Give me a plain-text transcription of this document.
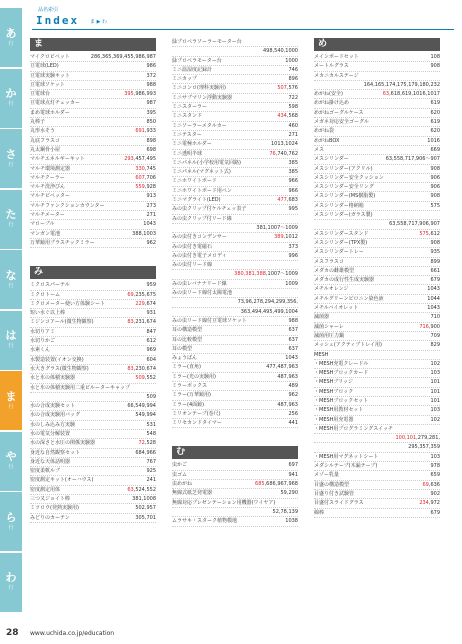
あ
行
か
行
さ
行
た
行
な
行
は
行
ま
行
や
行
ら
行
わ
行
品名索引
Index ま ▶ わ
ま
マイクロピペット	286,365,369,455,986,987
豆電球(LED)	986
豆電球実験キット	372
豆電球ソケット	988
豆電球台	395,986,993
豆電球点灯チェッカー	987
まめ電球ホルダー	395
丸棒子	850
丸形水そう	691,933
丸底フラスコ	898
丸太鋼骨小屋	698
マルチエネルギーキット	293,457,495
マルチ環境測定器	330,745
マルチクーラー	607,706
マルチ洗浄びん	559,928
マルチビペッター	913
マルチファンクションカウンター	273
マルチメーター	271
マローブル	1043
マンガン電池	388,1003
万華鏡用プラスチックミラー	962
み
ミクロスパーテル	959
ミクロトーム	69,235,675
ミクロメーター使い方体験シート	229,674
短い水ぐ以上棒	931
ミジンコアール(微生物観察)	83,231,674
水切りアミ	847
水切りかご	612
水素くん	969
水製造装置(イオン交換)	604
水大きグラス(微生物観察)	83,230,674
水と氷の体積実験器	509,552
水と氷の体積実験用二重ピルーターキャップ
509
水の合成実験セット	66,549,994
水の合成実験用バッグ	549,994
水のしみ込み方実験	531
水の電気分解装置	548
水の深さと水圧の関係実験器	72,528
身近な自然観察セット	684,966
身近な天体話明器	767
密度柔軟ルブ	925
密度測定キット(オーハウス)	241
密度測定用体	63,524,552
三つ又ジョイト棒	381,1008
ミツロウ(発熱実験用)	502,957
みどりのカーテン	305,701
緑プロペラソーラーモーター台
498,540,1000
緑プロペラモーター台	1000
ミニ温湿度記録計	746
ミニカップ	896
ミニコンロ(理科実験用)	507,576
ミニサブマリン浮動実験器	722
ミニスターラー	598
ミニスタンド	434,568
ミニソーラーメタルカー	460
ミニテスター	271
ミニ電極ホルダー	1013,1024
ミニ透明半球	76,740,762
ミニパネル(小学校用電気回路)	385
ミニパネル(マグネット式)	385
ミニホワイトボード	966
ミニホワイトボード用ペン	966
ミニマグライト(LED)	477,683
みの虫クリップ付ケルチェッ表子	995
みの虫クリップ付リード線
381,1007〜1009
みの虫付きコンデンサー	389,1012
みの虫付き電磁石	373
みの虫付き電子メロディ	996
みの虫付リード線
380,381,388,1007〜1009
みの虫レバナナリード線	1009
みの虫リード線付太陽電池
73,96,278,294,299,356,
363,494,495,499,1004
みの虫リード線付豆電球ソケット	988
耳の構造模型	637
耳の比較模型	637
耳の模型	637
みょうばん	1043
ミラー(直角)	477,487,963
ミラー(光の実験用)	487,963
ミラーボックス	489
ミラー(万華鏡用)	962
ミラー(4面鏡)	487,963
ミリオンテープ(巻尺)	256
ミリセカンドタイマー	441
む
虫かご	697
虫ゴム	941
虫めがね	685,686,967,968
無線式紙芝発電器	59,290
無線対応プレゼンテーション用機器(ワイヤア)
52,78,139
ムラサキ・スターク植物模地	1038
め
メインボードセット	108
メートルグラス	908
メカニカルステージ
164,165,174,175,179,180,232
めがね(安全)	63,618,619,1016,1017
めがね掛け込め	619
めがねゴーグルケース	620
メガネ対応安全ゴーグル	619
めがね袋	620
めがねBOX	1016
メス	669
メスシリンダー	63,558,717,906〜907
メスシリンダー(アクリル)	908
メスシリンダー安全クッション	906
メスシリンダー安全リング	906
メスシリンダー(MS樹脂製)	908
メスシリンダー格納箱	575
メスシリンダー(ガラス製)
63,558,717,906,907
メスシリンダースタンド	575,612
メスシリンダー(TPX製)	908
メスシリンダートレー	935
メスフラスコ	899
メダカの雌雄模型	661
メダカの成行性生成実験器	679
メチルオレンジ	1043
メチルグリーンピロニン染色液	1044
メチルバイオレット	1043
滅菌器	710
滅菌シャーレ	716,900
滅菌用圧力鍋	709
メッシュ(アクティブトレイ用)	829
MESH
・MESH充電クレードル	102
・MESHブロックカード	103
・MESHブリッジ	101
・MESHブロック	101
・MESHブロックセット	101
・MESH用教材セット	103
・MESH用充電器	102
・MESH用プログラミングスイッチ
100,101,279,281,
295,357,359
・MESH用マグネットシート	103
メダシルテープ(木漏テープ)	978
メゾー乳量	659
目盛の構造模型	69,636
目盛り付き試験管	902
目盛付スライドグラス	234,972
綿棒	679
28 www.uchida.co.jp/education
